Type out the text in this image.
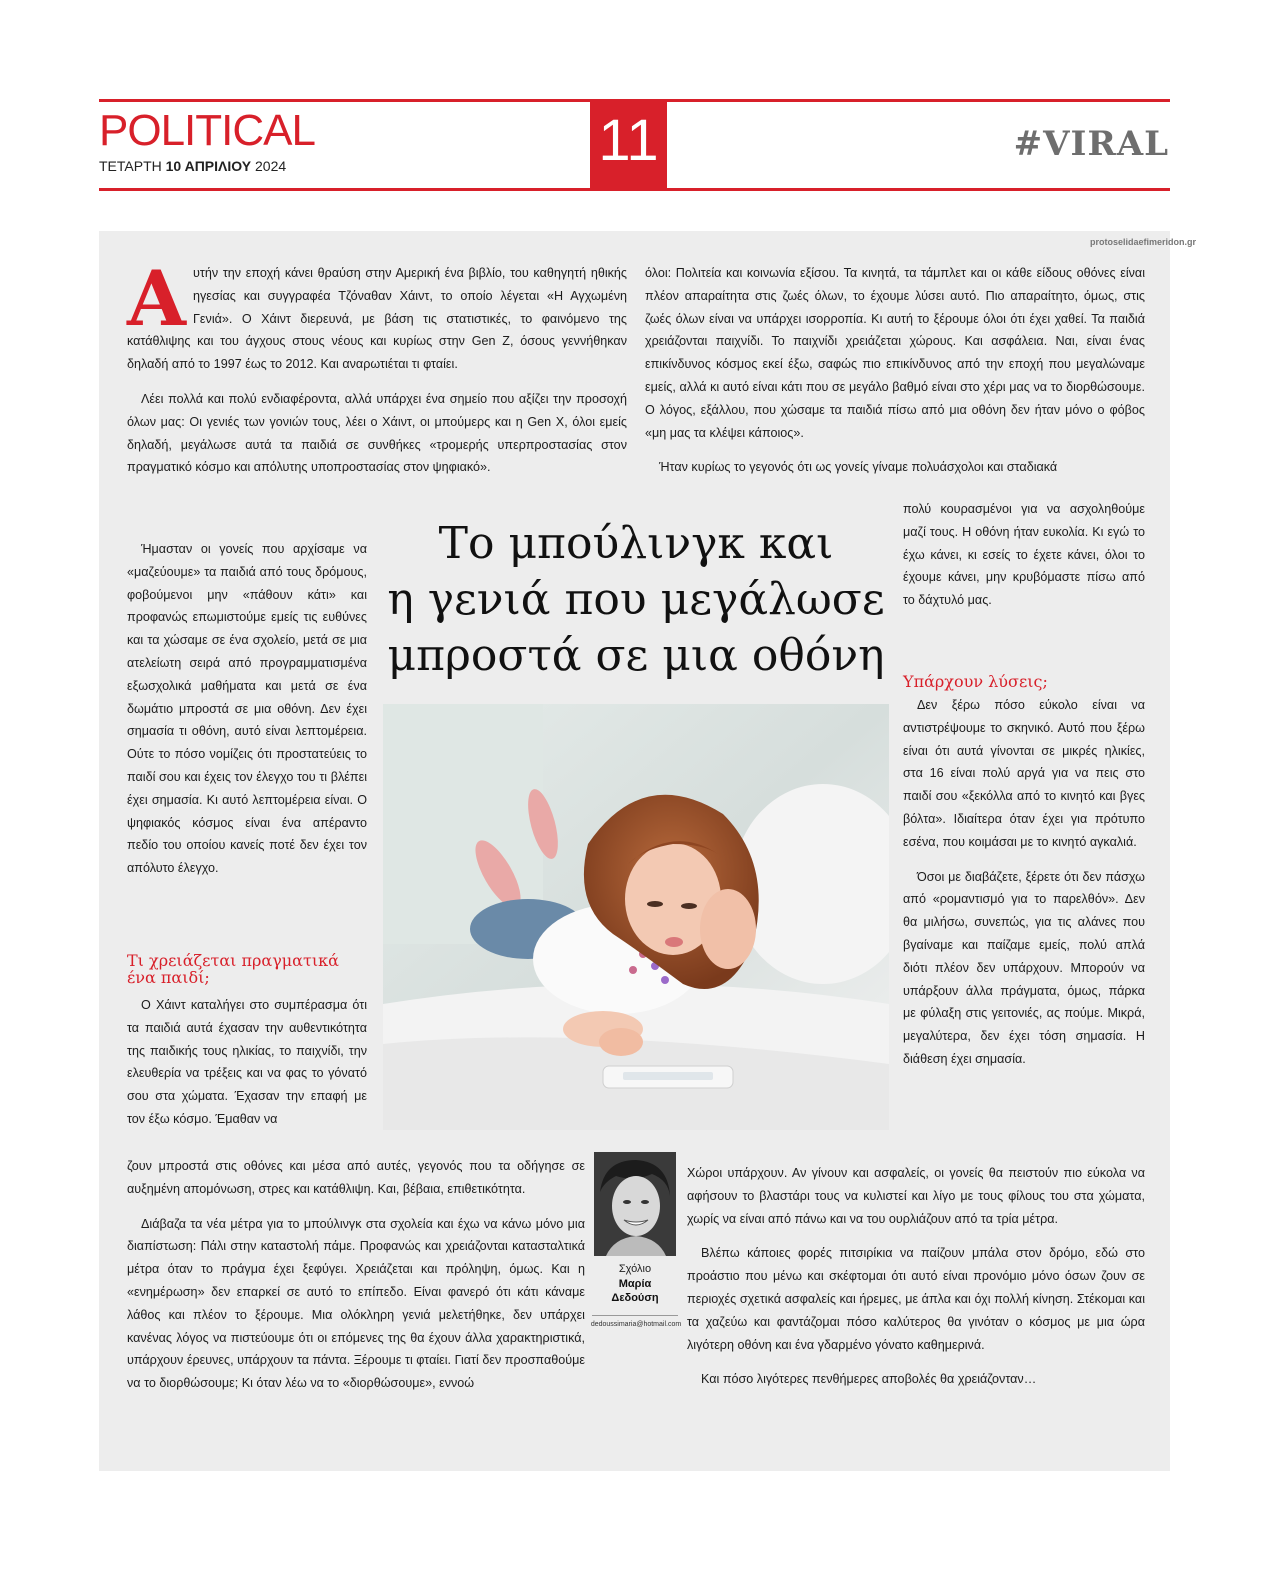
POLITICAL
ΤΕΤΑΡΤΗ 10 ΑΠΡΙΛΙΟΥ 2024	11	#VIRAL
protoselidaefimeridon.gr
Α υτήν την εποχή κάνει θραύση στην Αμερική ένα βιβλίο, του καθηγητή ηθικής ηγεσίας και συγγραφέα Τζόναθαν Χάιντ, το οποίο λέγεται «Η Αγχωμένη Γενιά». Ο Χάιντ διερευνά, με βάση τις στατιστικές, το φαινόμενο της κατάθλιψης και του άγχους στους νέους και κυρίως στην Gen Z, όσους γεννήθηκαν δηλαδή από το 1997 έως το 2012. Και αναρωτιέται τι φταίει.

Λέει πολλά και πολύ ενδιαφέροντα, αλλά υπάρχει ένα σημείο που αξίζει την προσοχή όλων μας: Οι γενιές των γονιών τους, λέει ο Χάιντ, οι μπούμερς και η Gen X, όλοι εμείς δηλαδή, μεγάλωσε αυτά τα παιδιά σε συνθήκες «τρομερής υπερπροστασίας στον πραγματικό κόσμο και απόλυτης υποπροστασίας στον ψηφιακό».

Ήμασταν οι γονείς που αρχίσαμε να «μαζεύουμε» τα παιδιά από τους δρόμους, φοβούμενοι μην «πάθουν κάτι» και προφανώς επωμιστούμε εμείς τις ευθύνες και τα χώσαμε σε ένα σχολείο, μετά σε μια ατελείωτη σειρά από προγραμματισμένα εξωσχολικά μαθήματα και μετά σε ένα δωμάτιο μπροστά σε μια οθόνη. Δεν έχει σημασία τι οθόνη, αυτό είναι λεπτομέρεια. Ούτε το πόσο νομίζεις ότι προστατεύεις το παιδί σου και έχεις τον έλεγχο του τι βλέπει έχει σημασία. Κι αυτό λεπτομέρεια είναι. Ο ψηφιακός κόσμος είναι ένα απέραντο πεδίο του οποίου κανείς ποτέ δεν έχει τον απόλυτο έλεγχο.

Τι χρειάζεται πραγματικά ένα παιδί;

Ο Χάιντ καταλήγει στο συμπέρασμα ότι τα παιδιά αυτά έχασαν την αυθεντικότητα της παιδικής τους ηλικίας, το παιχνίδι, την ελευθερία να τρέξεις και να φας το γόνατό σου στα χώματα. Έχασαν την επαφή με τον έξω κόσμο. Έμαθαν να

ζουν μπροστά στις οθόνες και μέσα από αυτές, γεγονός που τα οδήγησε σε αυξημένη απομόνωση, στρες και κατάθλιψη. Και, βέβαια, επιθετικότητα.

Διάβαζα τα νέα μέτρα για το μπούλινγκ στα σχολεία και έχω να κάνω μόνο μια διαπίστωση: Πάλι στην καταστολή πάμε. Προφανώς και χρειάζονται κατασταλτικά μέτρα όταν το πράγμα έχει ξεφύγει. Χρειάζεται και πρόληψη, όμως. Και η «ενημέρωση» δεν επαρκεί σε αυτό το επίπεδο. Είναι φανερό ότι κάτι κάναμε λάθος και πλέον το ξέρουμε. Μια ολόκληρη γενιά μελετήθηκε, δεν υπάρχει κανένας λόγος να πιστεύουμε ότι οι επόμενες της θα έχουν άλλα χαρακτηριστικά, υπάρχουν έρευνες, υπάρχουν τα πάντα. Ξέρουμε τι φταίει. Γιατί δεν προσπαθούμε να το διορθώσουμε; Κι όταν λέω να το «διορθώσουμε», εννοώ

όλοι: Πολιτεία και κοινωνία εξίσου. Τα κινητά, τα τάμπλετ και οι κάθε είδους οθόνες είναι πλέον απαραίτητα στις ζωές όλων, το έχουμε λύσει αυτό. Πιο απαραίτητο, όμως, στις ζωές όλων είναι να υπάρχει ισορροπία. Κι αυτή το ξέρουμε όλοι ότι έχει χαθεί. Τα παιδιά χρειάζονται παιχνίδι. Το παιχνίδι χρειάζεται χώρους. Και ασφάλεια. Ναι, είναι ένας επικίνδυνος κόσμος εκεί έξω, σαφώς πιο επικίνδυνος από την εποχή που μεγαλώναμε εμείς, αλλά κι αυτό είναι κάτι που σε μεγάλο βαθμό είναι στο χέρι μας να το διορθώσουμε. Ο λόγος, εξάλλου, που χώσαμε τα παιδιά πίσω από μια οθόνη δεν ήταν μόνο ο φόβος «μη μας τα κλέψει κάποιος».

Ήταν κυρίως το γεγονός ότι ως γονείς γίναμε πολυάσχολοι και σταδιακά

Το μπούλινγκ και
η γενιά που μεγάλωσε
μπροστά σε μια οθόνη

πολύ κουρασμένοι για να ασχοληθούμε μαζί τους. Η οθόνη ήταν ευκολία. Κι εγώ το έχω κάνει, κι εσείς το έχετε κάνει, όλοι το έχουμε κάνει, μην κρυβόμαστε πίσω από το δάχτυλό μας.

Υπάρχουν λύσεις;

Δεν ξέρω πόσο εύκολο είναι να αντιστρέψουμε το σκηνικό. Αυτό που ξέρω είναι ότι αυτά γίνονται σε μικρές ηλικίες, στα 16 είναι πολύ αργά για να πεις στο παιδί σου «ξεκόλλα από το κινητό και βγες βόλτα». Ιδιαίτερα όταν έχει για πρότυπο εσένα, που κοιμάσαι με το κινητό αγκαλιά.

Όσοι με διαβάζετε, ξέρετε ότι δεν πάσχω από «ρομαντισμό για το παρελθόν». Δεν θα μιλήσω, συνεπώς, για τις αλάνες που βγαίναμε και παίζαμε εμείς, πολύ απλά διότι πλέον δεν υπάρχουν. Μπορούν να υπάρξουν άλλα πράγματα, όμως, πάρκα με φύλαξη στις γειτονιές, ας πούμε. Μικρά, μεγαλύτερα, δεν έχει τόση σημασία. Η διάθεση έχει σημασία.

Χώροι υπάρχουν. Αν γίνουν και ασφαλείς, οι γονείς θα πειστούν πιο εύκολα να αφήσουν το βλαστάρι τους να κυλιστεί και λίγο με τους φίλους του στα χώματα, χωρίς να είναι από πάνω και να του ουρλιάζουν από τα τρία μέτρα.

Βλέπω κάποιες φορές πιτσιρίκια να παίζουν μπάλα στον δρόμο, εδώ στο προάστιο που μένω και σκέφτομαι ότι αυτό είναι προνόμιο μόνο όσων ζουν σε περιοχές σχετικά ασφαλείς και ήρεμες, με άπλα και όχι πολλή κίνηση. Στέκομαι και τα χαζεύω και φαντάζομαι πόσο καλύτερος θα γινόταν ο κόσμος με μια ώρα λιγότερη οθόνη και ένα γδαρμένο γόνατο καθημερινά.

Και πόσο λιγότερες πενθήμερες αποβολές θα χρειάζονταν…

Σχόλιο
Μαρία
Δεδούση
dedoussimaria@hotmail.com
